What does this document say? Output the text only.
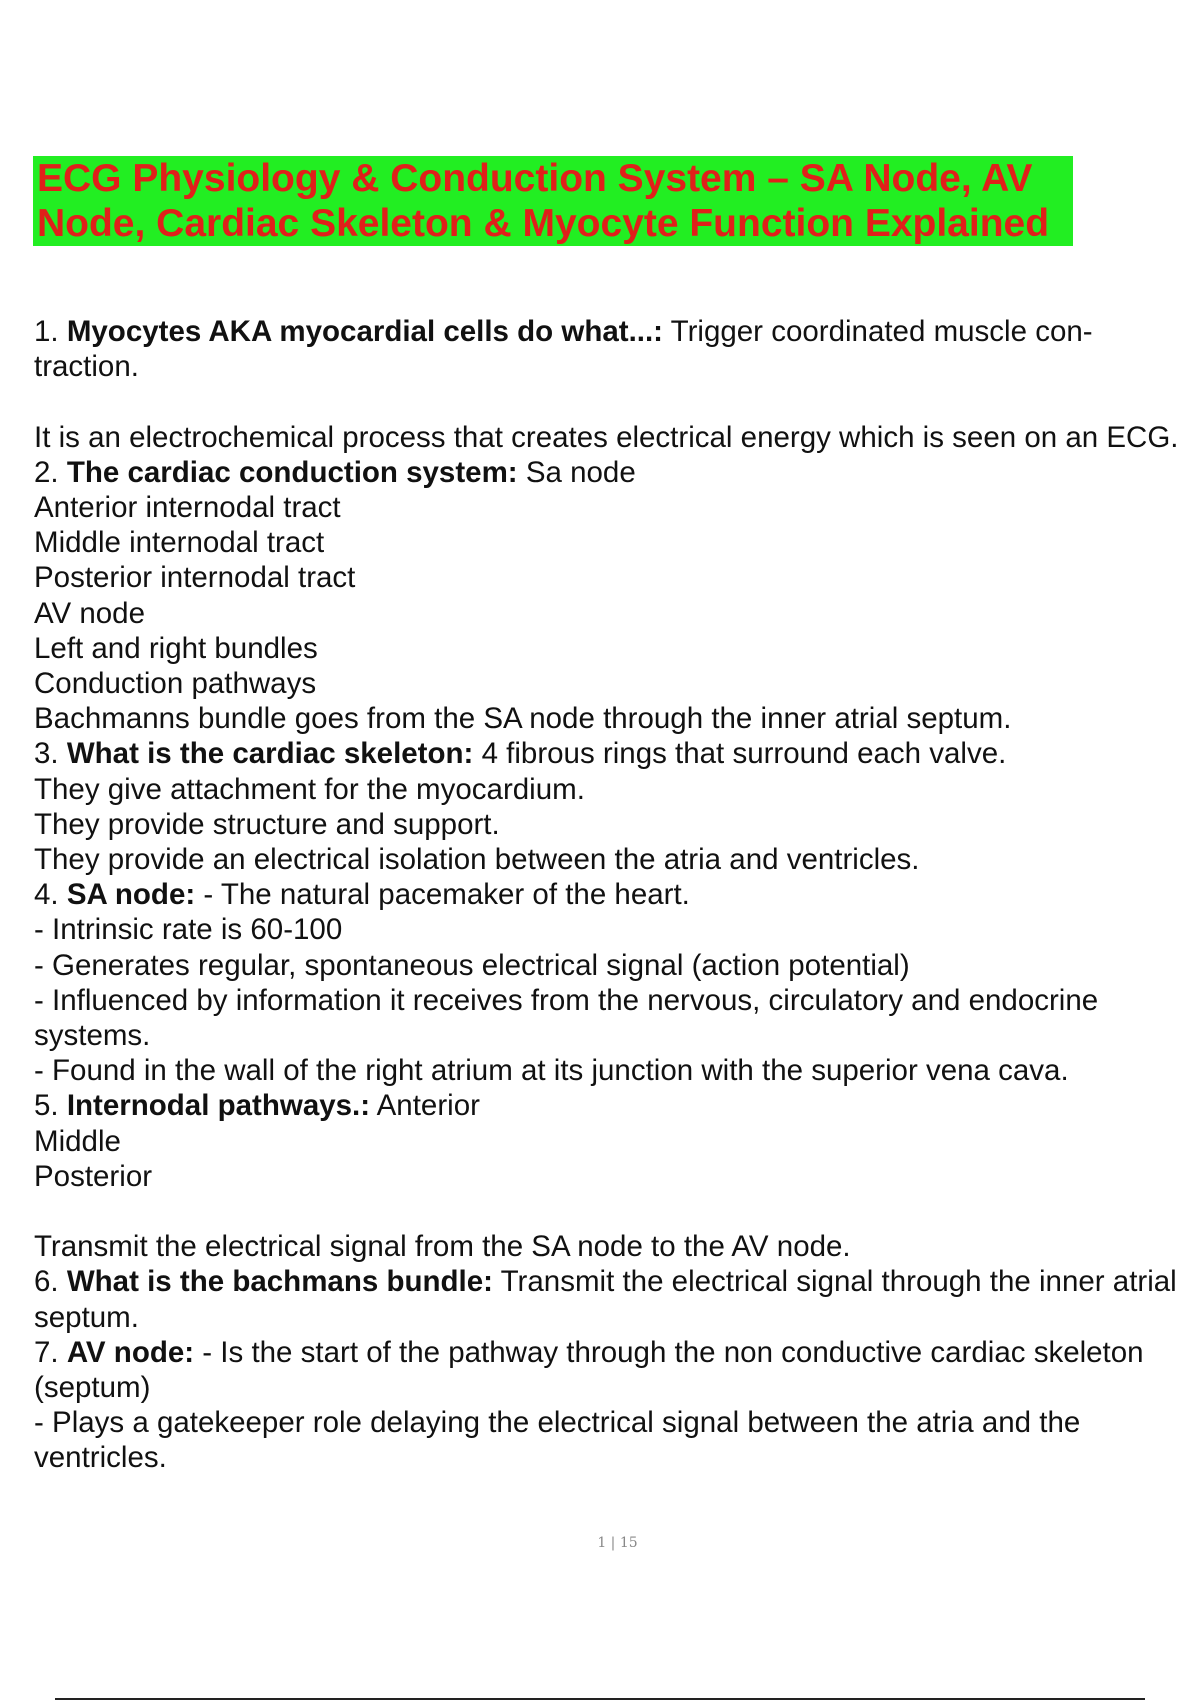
ECG Physiology & Conduction System – SA Node, AV Node, Cardiac Skeleton & Myocyte Function Explained

1. Myocytes AKA myocardial cells do what...: Trigger coordinated muscle con- traction.

It is an electrochemical process that creates electrical energy which is seen on an ECG.

2. The cardiac conduction system: Sa node

Anterior internodal tract

Middle internodal tract

Posterior internodal tract

AV node

Left and right bundles

Conduction pathways

Bachmanns bundle goes from the SA node through the inner atrial septum.

3. What is the cardiac skeleton: 4 fibrous rings that surround each valve.

They give attachment for the myocardium.

They provide structure and support.

They provide an electrical isolation between the atria and ventricles.

4. SA node: - The natural pacemaker of the heart.

- Intrinsic rate is 60-100

- Generates regular, spontaneous electrical signal (action potential)

- Influenced by information it receives from the nervous, circulatory and endocrine systems.

- Found in the wall of the right atrium at its junction with the superior vena cava.

5. Internodal pathways.: Anterior

Middle

Posterior

Transmit the electrical signal from the SA node to the AV node.

6. What is the bachmans bundle: Transmit the electrical signal through the inner atrial septum.

7. AV node: - Is the start of the pathway through the non conductive cardiac skeleton (septum)

- Plays a gatekeeper role delaying the electrical signal between the atria and the ventricles.

1 | 15
